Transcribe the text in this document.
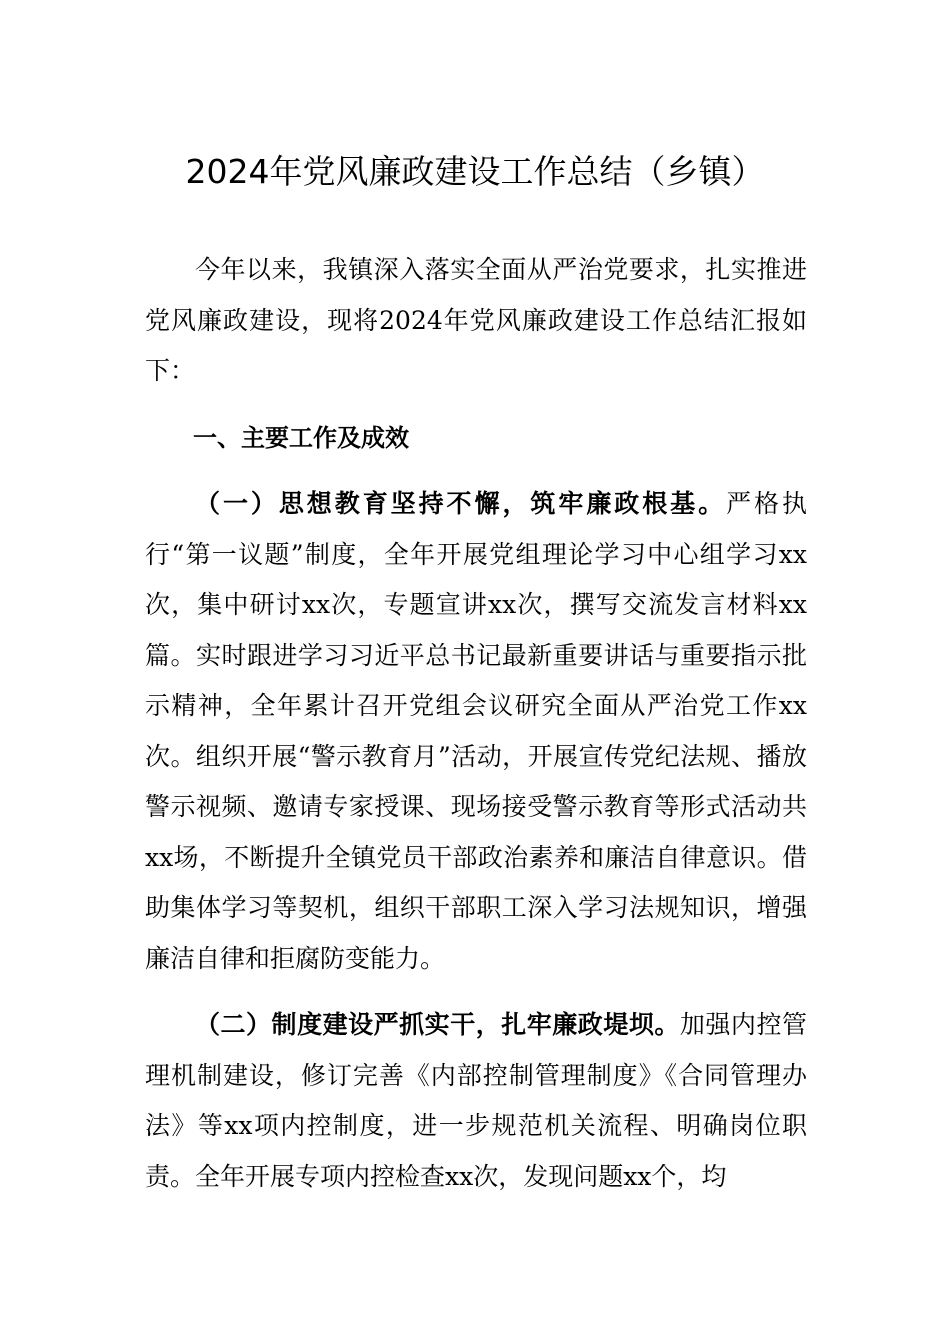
2024年党风廉政建设工作总结（乡镇）

今年以来，我镇深入落实全面从严治党要求，扎实推进党风廉政建设，现将2024年党风廉政建设工作总结汇报如下：

一、主要工作及成效

（一）思想教育坚持不懈，筑牢廉政根基。严格执行“第一议题”制度，全年开展党组理论学习中心组学习xx次，集中研讨xx次，专题宣讲xx次，撰写交流发言材料xx篇。实时跟进学习习近平总书记最新重要讲话与重要指示批示精神，全年累计召开党组会议研究全面从严治党工作xx次。组织开展“警示教育月”活动，开展宣传党纪法规、播放警示视频、邀请专家授课、现场接受警示教育等形式活动共xx场，不断提升全镇党员干部政治素养和廉洁自律意识。借助集体学习等契机，组织干部职工深入学习法规知识，增强廉洁自律和拒腐防变能力。

（二）制度建设严抓实干，扎牢廉政堤坝。加强内控管理机制建设，修订完善《内部控制管理制度》《合同管理办法》等xx项内控制度，进一步规范机关流程、明确岗位职责。全年开展专项内控检查xx次，发现问题xx个，均
